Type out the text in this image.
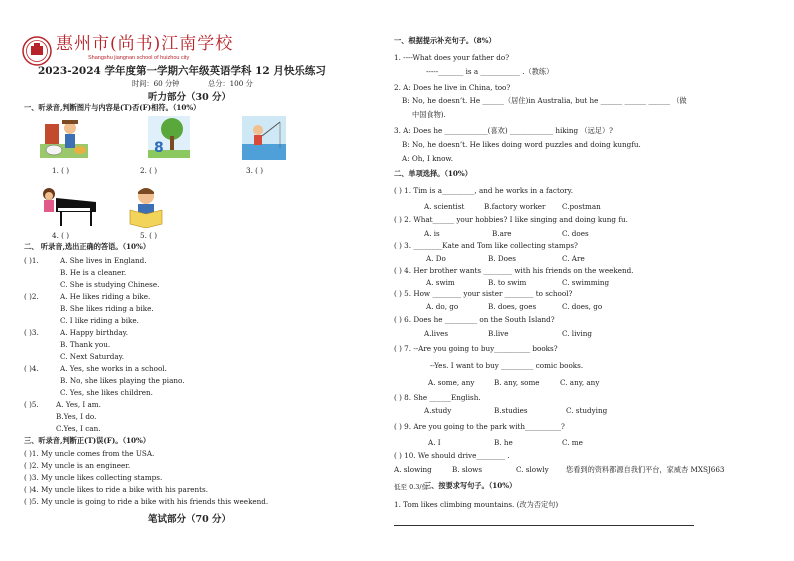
惠州市(尚书)江南学校
Shangshu jiangnan school of huizhou city
2023-2024 学年度第一学期六年级英语学科 12 月快乐练习
时间：60 分钟	总分：100 分
听力部分（30 分）
一、听录音,判断图片与内容是(T)否(F)相符。（10%）
8
1. ( )	2. ( )	3. ( )
4. ( )	5. ( )
二、 听录音,选出正确的答语。（10%）
( )1.	A. She lives in England.
B. He is a cleaner.
C. She is studying Chinese.
( )2.	A. He likes riding a bike.
B. She likes riding a bike.
C. I like riding a bike.
( )3.	A. Happy birthday.
B. Thank you.
C. Next Saturday.
( )4.	A. Yes, she works in a school.
B. No, she likes playing the piano.
C. Yes, she likes children.
( )5. A. Yes, I am.
B.Yes, I do.
C.Yes, I can.
三、听录音,判断正(T)误(F)。（10%）
( )1. My uncle comes from the USA.
( )2. My uncle is an engineer.
( )3. My uncle likes collecting stamps.
( )4. My uncle likes to ride a bike with his parents.
( )5. My uncle is going to ride a bike with his friends this weekend.
笔试部分（70 分）
一、根据提示补充句子。（8%）
1. ----What does your father do?
-----_______ is a ___________ .（教练）
2. A: Does he live in China, too?
B: No, he doesn’t. He ______（居住)in Australia, but he ______ ______ ______ （做
中国食物).
3. A: Does he ____________(喜欢) ____________ hiking （远足）?
B: No, he doesn’t. He likes doing word puzzles and doing kungfu.
A: Oh, I know.
二、单项选择。（10%）
( ) 1. Tim is a_________, and he works in a factory.
A. scientist	B.factory worker C.postman
( ) 2. What______ your hobbies? I like singing and doing kung fu.
A. is	B.are	C. does
( ) 3. ________Kate and Tom like collecting stamps?
A. Do	B. Does	C. Are
( ) 4. Her brother wants ________ with his friends on the weekend.
A. swim	B. to swim	C. swimming
( ) 5. How ________ your sister ________ to school?
A. do, go	B. does, goes	C. does, go
( ) 6. Does he _________ on the South Island?
A.lives	B.live	C. living
( ) 7. --Are you going to buy__________ books?
--Yes. I want to buy _________ comic books.
A. some, any	B. any, some	C. any, any
( ) 8. She ______English.
A.study	B.studies	C. studying
( ) 9. Are you going to the park with__________?
A. I	B. he	C. me
( ) 10. We should drive________ .
A. slowing	B. slows	C. slowly 您看到的资料都源自我们平台，家威杏 MXSJ663
低至 0.3/份
三、按要求写句子。（10%）
1. Tom likes climbing mountains. (改为否定句)
